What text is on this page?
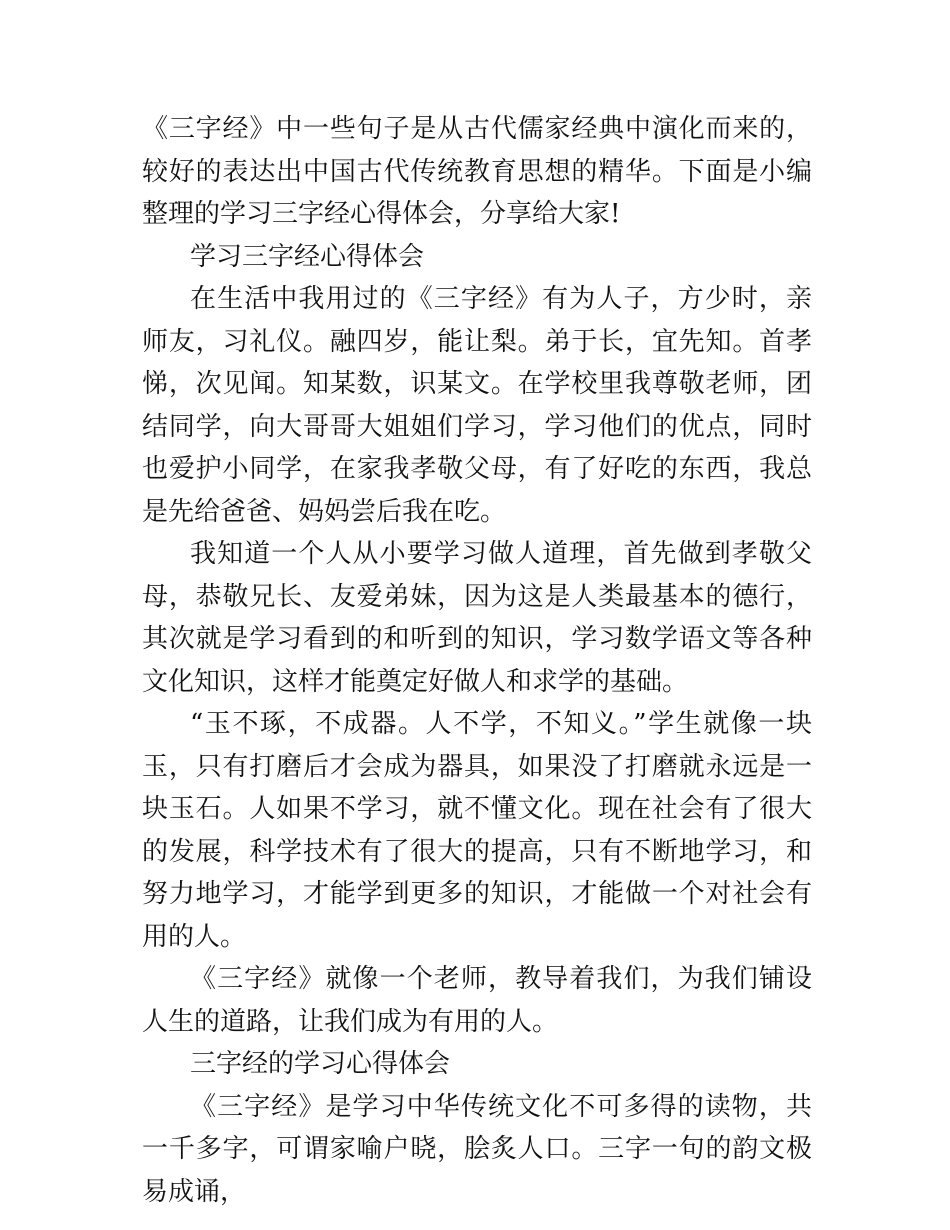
《三字经》中一些句子是从古代儒家经典中演化而来的，较好的表达出中国古代传统教育思想的精华。下面是小编整理的学习三字经心得体会，分享给大家!

学习三字经心得体会

在生活中我用过的《三字经》有为人子，方少时，亲师友，习礼仪。融四岁，能让梨。弟于长，宜先知。首孝悌，次见闻。知某数，识某文。在学校里我尊敬老师，团结同学，向大哥哥大姐姐们学习，学习他们的优点，同时也爱护小同学，在家我孝敬父母，有了好吃的东西，我总是先给爸爸、妈妈尝后我在吃。

我知道一个人从小要学习做人道理，首先做到孝敬父母，恭敬兄长、友爱弟妹，因为这是人类最基本的德行，其次就是学习看到的和听到的知识，学习数学语文等各种文化知识，这样才能奠定好做人和求学的基础。

“玉不琢，不成器。人不学，不知义。”学生就像一块玉，只有打磨后才会成为器具，如果没了打磨就永远是一块玉石。人如果不学习，就不懂文化。现在社会有了很大的发展，科学技术有了很大的提高，只有不断地学习，和努力地学习，才能学到更多的知识，才能做一个对社会有用的人。

《三字经》就像一个老师，教导着我们，为我们铺设人生的道路，让我们成为有用的人。

三字经的学习心得体会

《三字经》是学习中华传统文化不可多得的读物，共一千多字，可谓家喻户晓，脍炙人口。三字一句的韵文极易成诵，
